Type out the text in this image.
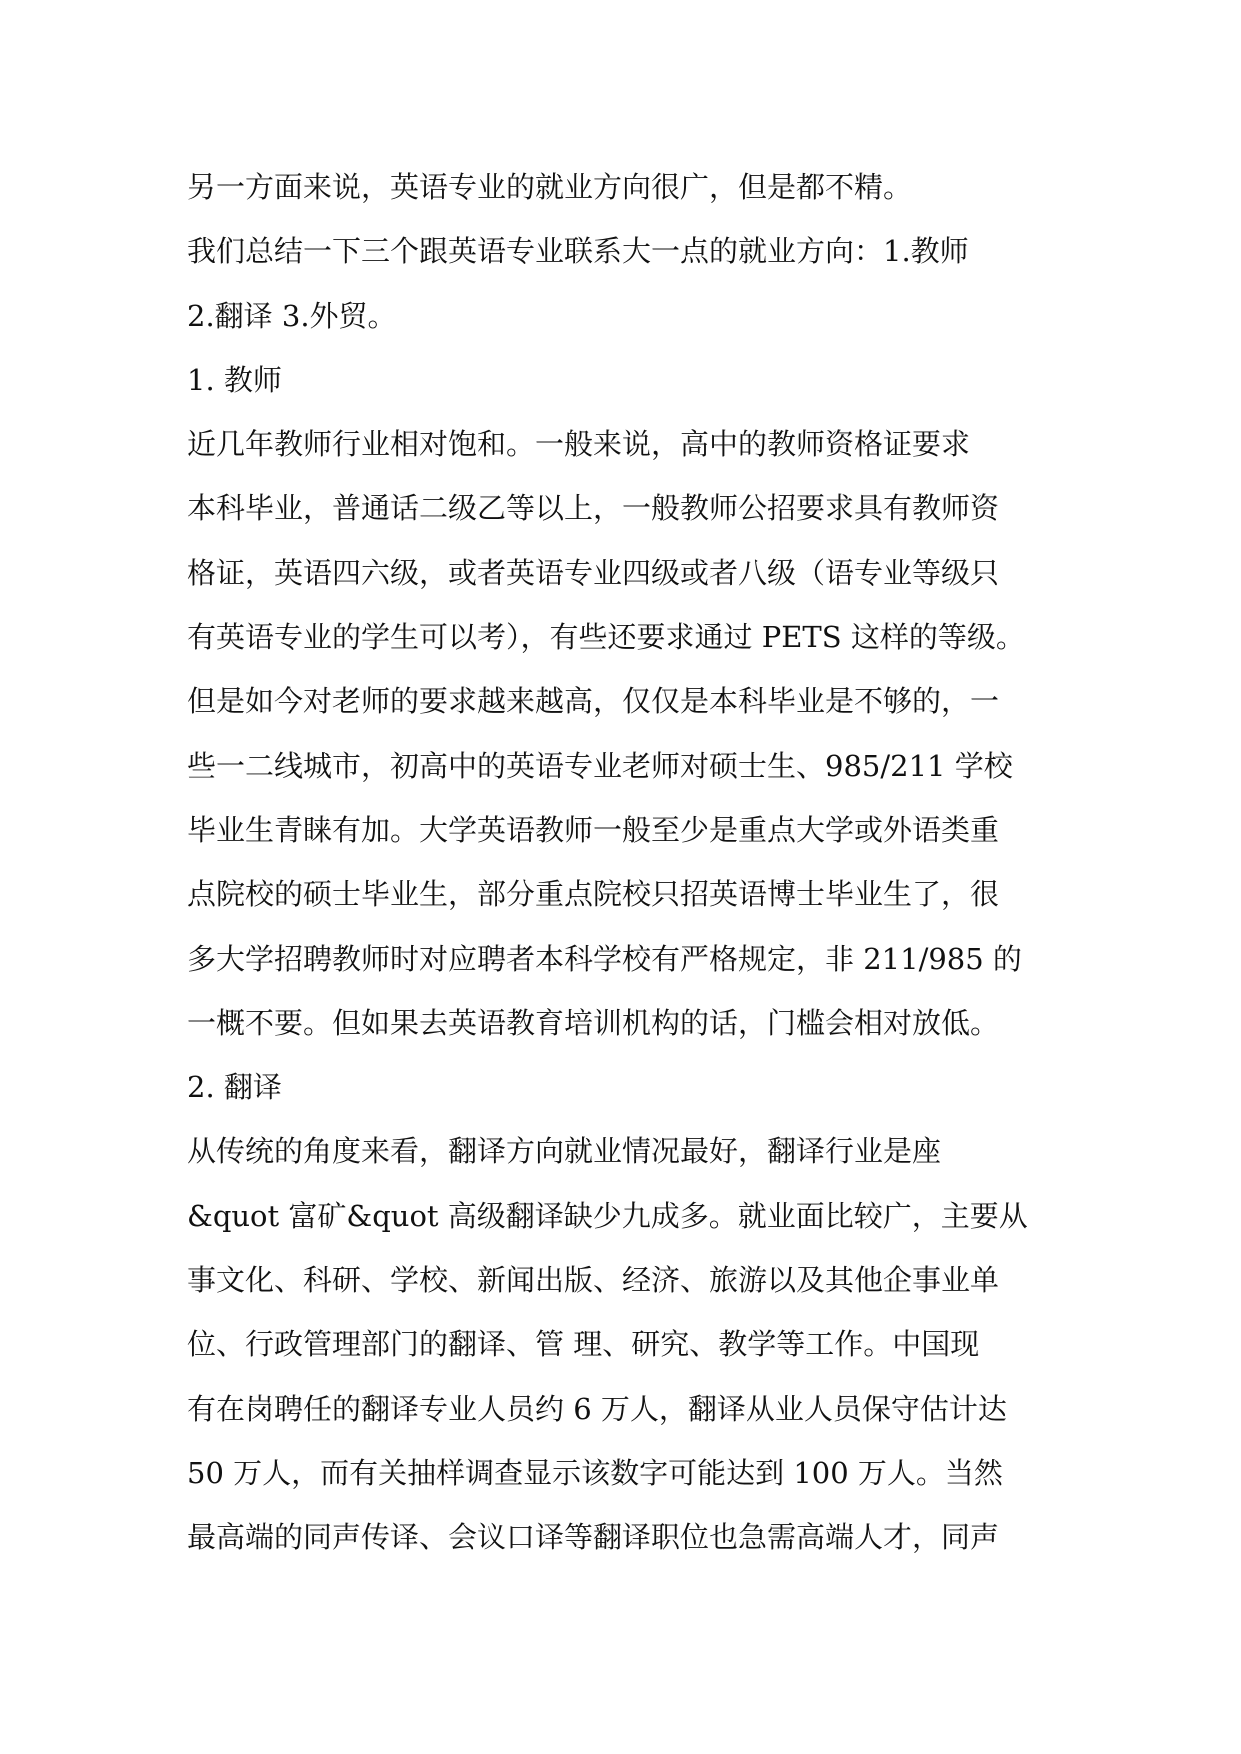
另一方面来说，英语专业的就业方向很广，但是都不精。
我们总结一下三个跟英语专业联系大一点的就业方向：1.教师
2.翻译 3.外贸。
1. 教师
近几年教师行业相对饱和。一般来说，高中的教师资格证要求
本科毕业，普通话二级乙等以上，一般教师公招要求具有教师资
格证，英语四六级，或者英语专业四级或者八级（语专业等级只
有英语专业的学生可以考），有些还要求通过 PETS 这样的等级。
但是如今对老师的要求越来越高，仅仅是本科毕业是不够的，一
些一二线城市，初高中的英语专业老师对硕士生、985/211 学校
毕业生青睐有加。大学英语教师一般至少是重点大学或外语类重
点院校的硕士毕业生，部分重点院校只招英语博士毕业生了，很
多大学招聘教师时对应聘者本科学校有严格规定，非 211/985 的
一概不要。但如果去英语教育培训机构的话，门槛会相对放低。
2. 翻译
从传统的角度来看，翻译方向就业情况最好，翻译行业是座
&quot 富矿&quot 高级翻译缺少九成多。就业面比较广，主要从
事文化、科研、学校、新闻出版、经济、旅游以及其他企事业单
位、行政管理部门的翻译、管 理、研究、教学等工作。中国现
有在岗聘任的翻译专业人员约 6 万人，翻译从业人员保守估计达
50 万人，而有关抽样调查显示该数字可能达到 100 万人。当然
最高端的同声传译、会议口译等翻译职位也急需高端人才，同声
